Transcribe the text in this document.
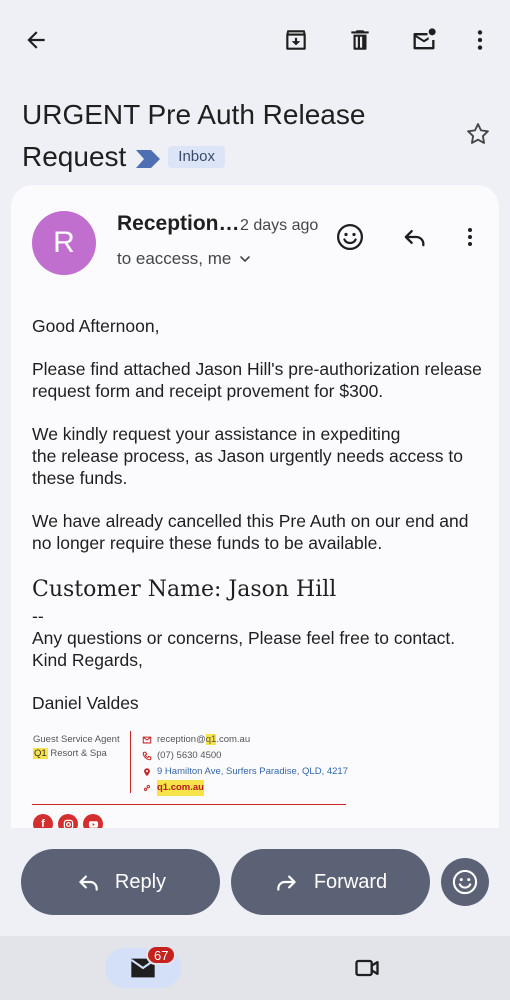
URGENT Pre Auth Release Request	Inbox
R
Reception… 2 days ago
to eaccess, me

Good Afternoon,

Please find attached Jason Hill's pre-authorization release request form and receipt provement for $300.

We kindly request your assistance in expediting
the release process, as Jason urgently needs access to these funds.

We have already cancelled this Pre Auth on our end and no longer require these funds to be available.

Customer Name: Jason Hill

--

Any questions or concerns, Please feel free to contact.

Kind Regards,

Daniel Valdes

Guest Service Agent
Q1 Resort & Spa
reception@q1.com.au
(07) 5630 4500
9 Hamilton Ave, Surfers Paradise, QLD, 4217
q1.com.au
f
Reply	Forward
67
